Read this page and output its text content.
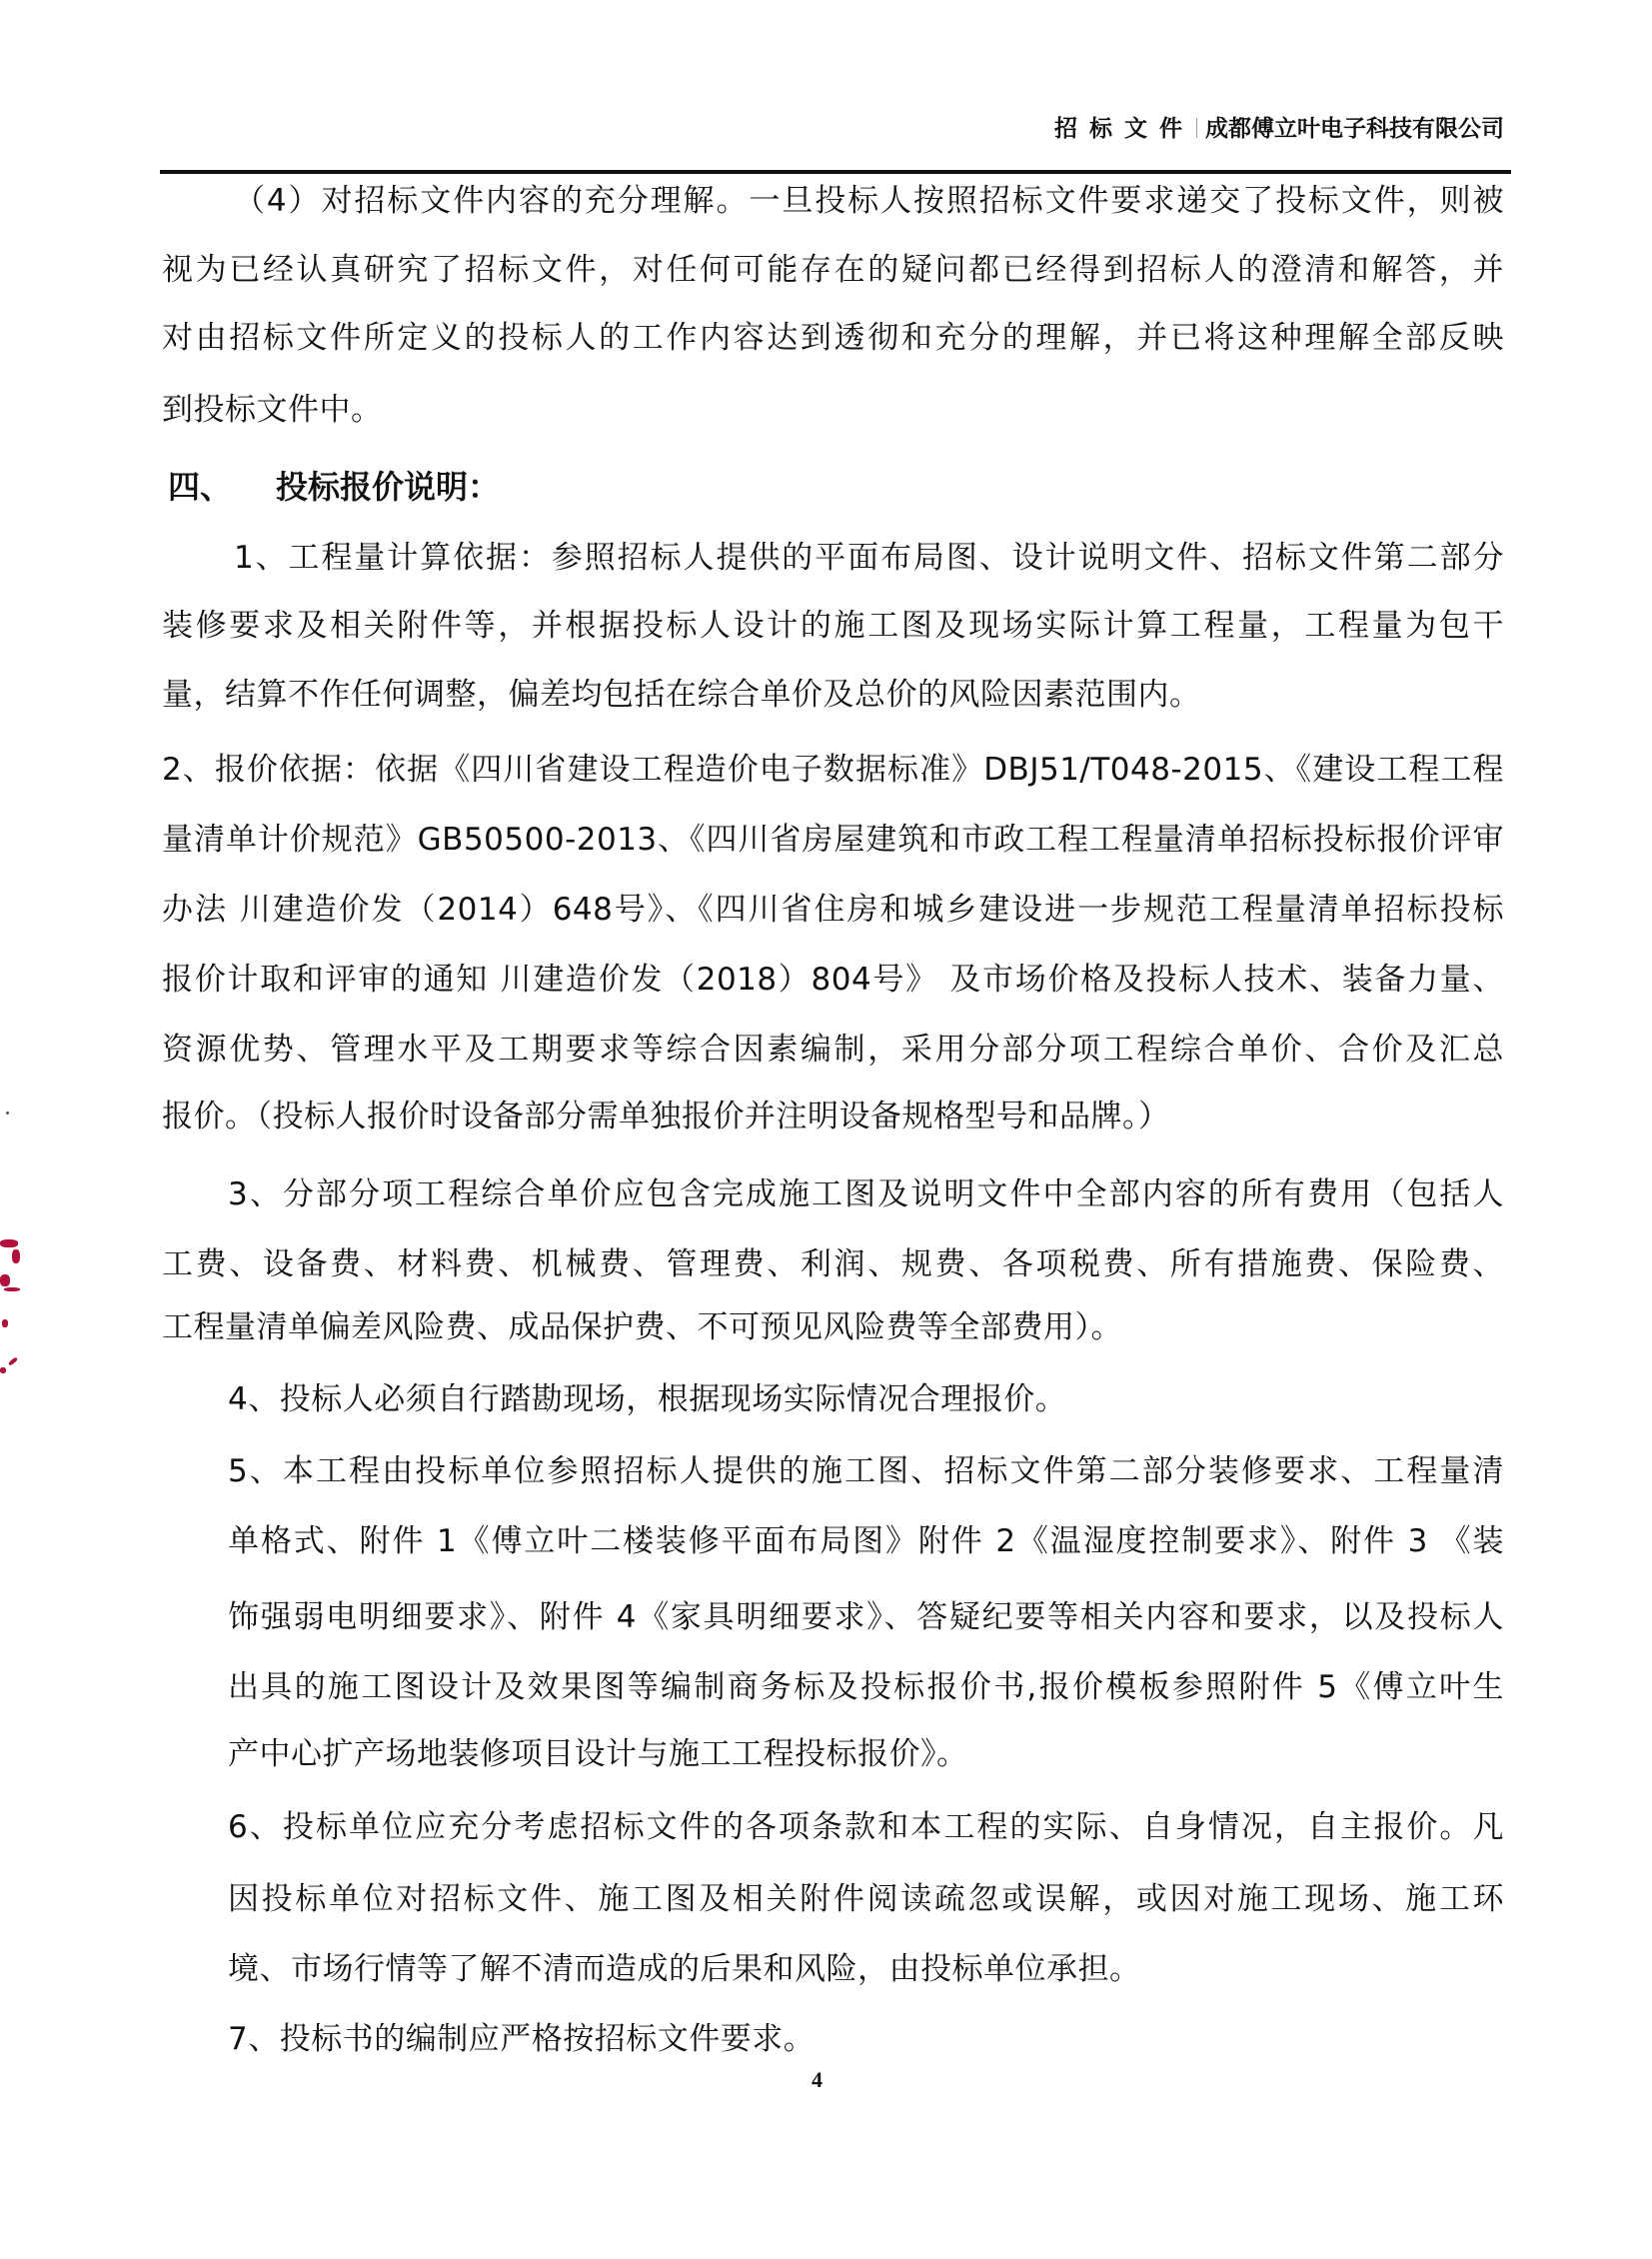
招标文件 成都傅立叶电子科技有限公司
（4）对招标文件内容的充分理解。一旦投标人按照招标文件要求递交了投标文件，则被
视为已经认真研究了招标文件，对任何可能存在的疑问都已经得到招标人的澄清和解答，并
对由招标文件所定义的投标人的工作内容达到透彻和充分的理解，并已将这种理解全部反映
到投标文件中。
四、 投标报价说明：
1、工程量计算依据：参照招标人提供的平面布局图、设计说明文件、招标文件第二部分
装修要求及相关附件等，并根据投标人设计的施工图及现场实际计算工程量，工程量为包干
量，结算不作任何调整，偏差均包括在综合单价及总价的风险因素范围内。
2、报价依据：依据《四川省建设工程造价电子数据标准》DBJ51/T048-2015、《建设工程工程
量清单计价规范》GB50500-2013、《四川省房屋建筑和市政工程工程量清单招标投标报价评审
办法 川建造价发（2014）648号》、《四川省住房和城乡建设进一步规范工程量清单招标投标
报价计取和评审的通知 川建造价发（2018）804号》 及市场价格及投标人技术、装备力量、
资源优势、管理水平及工期要求等综合因素编制，采用分部分项工程综合单价、合价及汇总
报价。（投标人报价时设备部分需单独报价并注明设备规格型号和品牌。）
3、分部分项工程综合单价应包含完成施工图及说明文件中全部内容的所有费用（包括人
工费、设备费、材料费、机械费、管理费、利润、规费、各项税费、所有措施费、保险费、
工程量清单偏差风险费、成品保护费、不可预见风险费等全部费用）。
4、投标人必须自行踏勘现场，根据现场实际情况合理报价。
5、本工程由投标单位参照招标人提供的施工图、招标文件第二部分装修要求、工程量清
单格式、附件 1《傅立叶二楼装修平面布局图》附件 2《温湿度控制要求》、附件 3 《装
饰强弱电明细要求》、附件 4《家具明细要求》、答疑纪要等相关内容和要求，以及投标人
出具的施工图设计及效果图等编制商务标及投标报价书,报价模板参照附件 5《傅立叶生
产中心扩产场地装修项目设计与施工工程投标报价》。
6、投标单位应充分考虑招标文件的各项条款和本工程的实际、自身情况，自主报价。凡
因投标单位对招标文件、施工图及相关附件阅读疏忽或误解，或因对施工现场、施工环
境、市场行情等了解不清而造成的后果和风险，由投标单位承担。
7、投标书的编制应严格按招标文件要求。
4
